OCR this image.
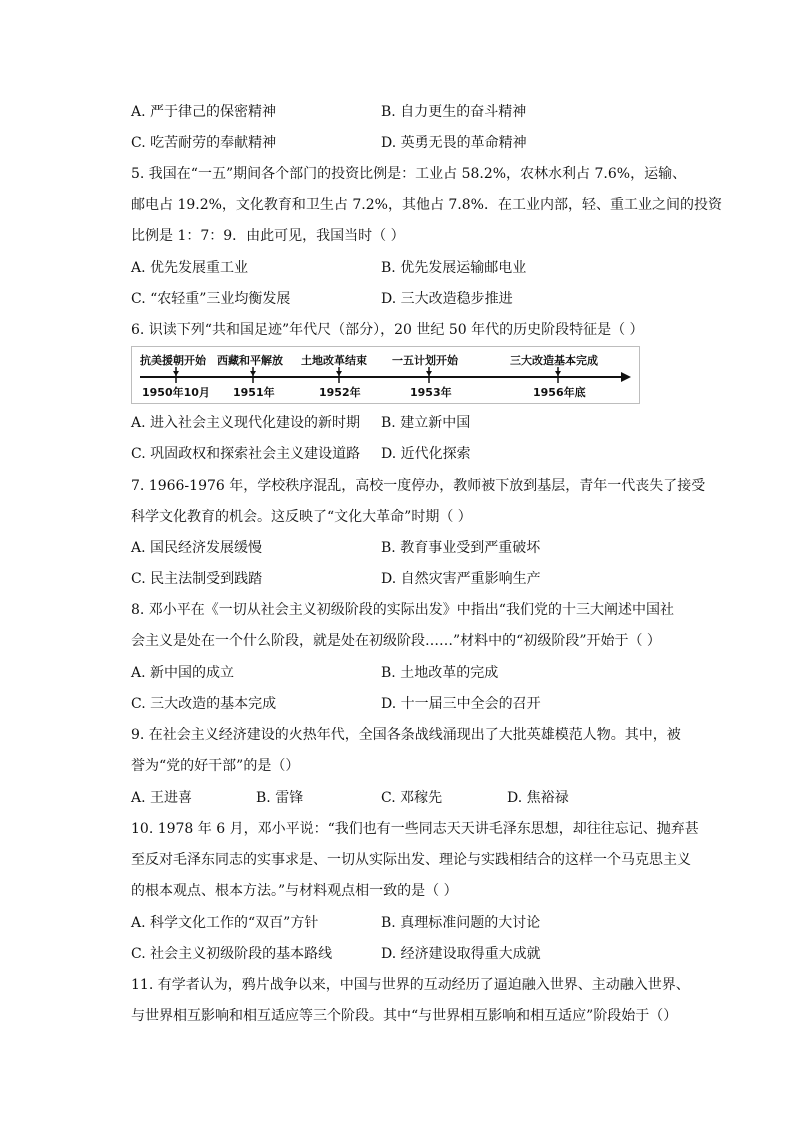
A. 严于律己的保密精神	B. 自力更生的奋斗精神
C. 吃苦耐劳的奉献精神	D. 英勇无畏的革命精神
5. 我国在“一五”期间各个部门的投资比例是：工业占 58.2%，农林水利占 7.6%，运输、
邮电占 19.2%，文化教育和卫生占 7.2%，其他占 7.8%．在工业内部，轻、重工业之间的投资
比例是 1：7：9．由此可见，我国当时（ ）
A. 优先发展重工业	B. 优先发展运输邮电业
C. “农轻重”三业均衡发展	D. 三大改造稳步推进
6. 识读下列“共和国足迹”年代尺（部分），20 世纪 50 年代的历史阶段特征是（ ）
抗美援朝开始 西藏和平解放 土地改革结束 一五计划开始	三大改造基本完成
1950年10月 1951年	1952年	1953年	1956年底
A. 进入社会主义现代化建设的新时期 B. 建立新中国
C. 巩固政权和探索社会主义建设道路 D. 近代化探索
7. 1966-1976 年，学校秩序混乱，高校一度停办，教师被下放到基层，青年一代丧失了接受
科学文化教育的机会。这反映了“文化大革命”时期（ ）
A. 国民经济发展缓慢	B. 教育事业受到严重破坏
C. 民主法制受到践踏	D. 自然灾害严重影响生产
8. 邓小平在《一切从社会主义初级阶段的实际出发》中指出“我们党的十三大阐述中国社
会主义是处在一个什么阶段，就是处在初级阶段……”材料中的“初级阶段”开始于（ ）
A. 新中国的成立	B. 土地改革的完成
C. 三大改造的基本完成	D. 十一届三中全会的召开
9. 在社会主义经济建设的火热年代，全国各条战线涌现出了大批英雄模范人物。其中，被
誉为“党的好干部”的是（）
A. 王进喜	B. 雷锋	C. 邓稼先	D. 焦裕禄
10. 1978 年 6 月，邓小平说：“我们也有一些同志天天讲毛泽东思想，却往往忘记、抛弃甚
至反对毛泽东同志的实事求是、一切从实际出发、理论与实践相结合的这样一个马克思主义
的根本观点、根本方法。”与材料观点相一致的是（ ）
A. 科学文化工作的“双百”方针	B. 真理标准问题的大讨论
C. 社会主义初级阶段的基本路线	D. 经济建设取得重大成就
11. 有学者认为，鸦片战争以来，中国与世界的互动经历了逼迫融入世界、主动融入世界、
与世界相互影响和相互适应等三个阶段。其中“与世界相互影响和相互适应”阶段始于（）
